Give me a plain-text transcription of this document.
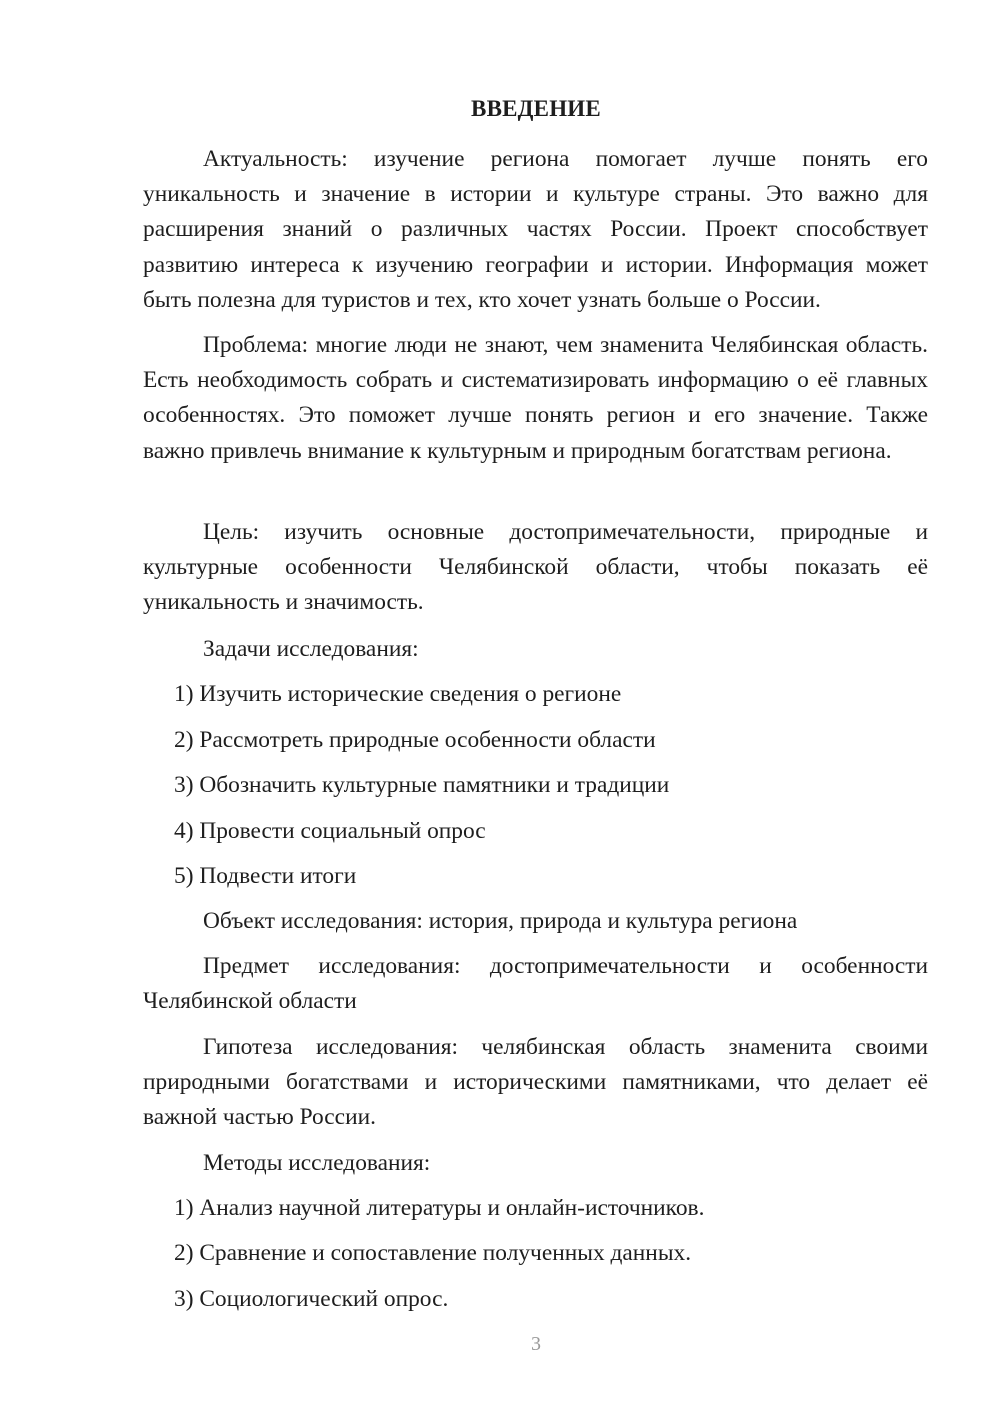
ВВЕДЕНИЕ
Актуальность: изучение региона помогает лучше понять его уникальность и значение в истории и культуре страны. Это важно для расширения знаний о различных частях России. Проект способствует развитию интереса к изучению географии и истории. Информация может быть полезна для туристов и тех, кто хочет узнать больше о России.
Проблема: многие люди не знают, чем знаменита Челябинская область. Есть необходимость собрать и систематизировать информацию о её главных особенностях. Это поможет лучше понять регион и его значение. Также важно привлечь внимание к культурным и природным богатствам региона.
Цель: изучить основные достопримечательности, природные и культурные особенности Челябинской области, чтобы показать её уникальность и значимость.
Задачи исследования:
1) Изучить исторические сведения о регионе
2) Рассмотреть природные особенности области
3) Обозначить культурные памятники и традиции
4) Провести социальный опрос
5) Подвести итоги
Объект исследования: история, природа и культура региона
Предмет исследования: достопримечательности и особенности Челябинской области
Гипотеза исследования: челябинская область знаменита своими природными богатствами и историческими памятниками, что делает её важной частью России.
Методы исследования:
1) Анализ научной литературы и онлайн-источников.
2) Сравнение и сопоставление полученных данных.
3) Социологический опрос.
3
